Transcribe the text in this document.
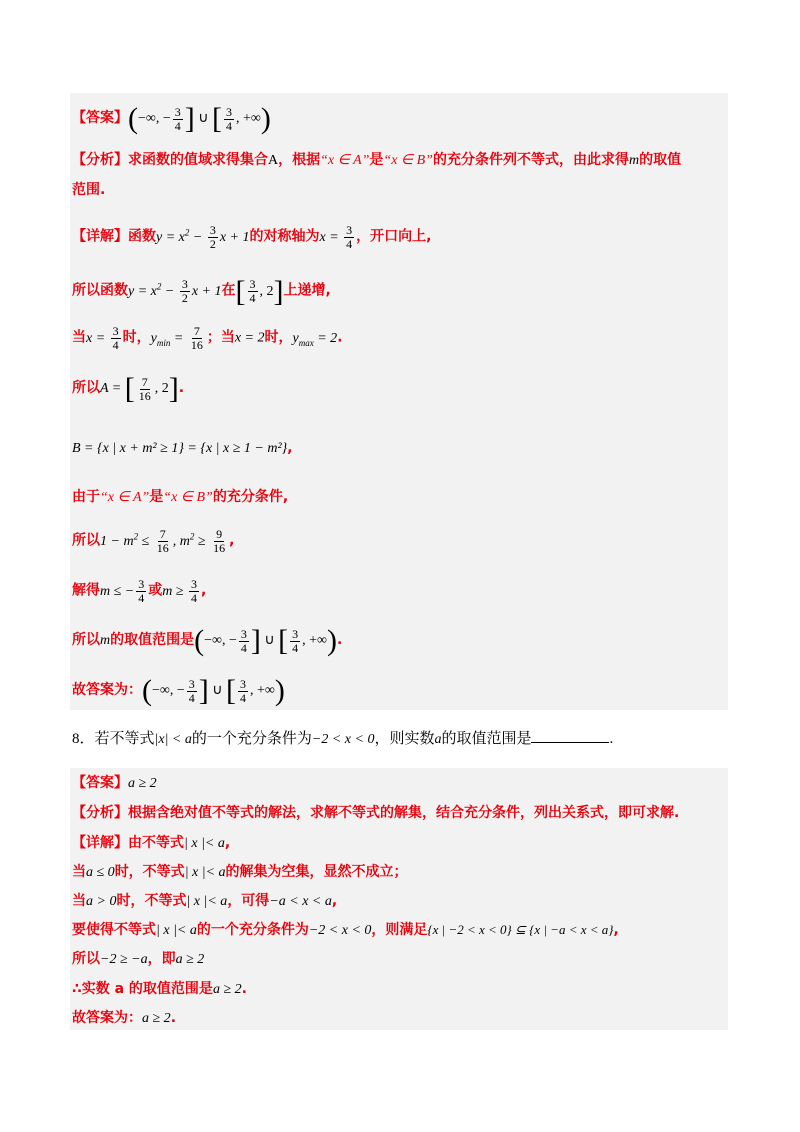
【答案】(−∞, − $\frac{3}{4}$ ] ∪ [ $\frac{3}{4}$ , +∞)
【分析】求函数的值域求得集合A，根据“x ∈ A”是“x ∈ B”的充分条件列不等式，由此求得m的取值
范围.
【详解】函数$y = x^2 - \frac{3}{2}$ x + 1的对称轴为$x = \frac{3}{4}$ ，开口向上,
所以函数$y = x^2 - \frac{3}{2}$ x + 1在[ $\frac{3}{4}$ , 2]上递增,
当$x = \frac{3}{4}$ 时，$y_{min} = \frac{7}{16}$ ；当x = 2时，$y_{max} = 2$.
所以A = [ $\frac{7}{16}$ , 2].
B = {x | x + m² ≥ 1} = {x | x ≥ 1 − m²},
由于“x ∈ A”是“x ∈ B”的充分条件,
所以$1 - m^2 \le \frac{7}{16}$ , $m^2 \ge \frac{9}{16}$ ,
解得m ≤ − $\frac{3}{4}$ 或$m \ge \frac{3}{4}$ ,
所以m的取值范围是(−∞, − $\frac{3}{4}$ ] ∪ [ $\frac{3}{4}$ , +∞).
故答案为：(−∞, − $\frac{3}{4}$ ] ∪ [ $\frac{3}{4}$ , +∞)
8．若不等式|x| < a的一个充分条件为−2 < x < 0，则实数a的取值范围是	.
【答案】a ≥ 2
【分析】根据含绝对值不等式的解法，求解不等式的解集，结合充分条件，列出关系式，即可求解.
【详解】由不等式| x |< a,
当a ≤ 0时，不等式| x |< a的解集为空集，显然不成立；
当a > 0时，不等式| x |< a，可得−a < x < a,
要使得不等式| x |< a的一个充分条件为−2 < x < 0，则满足{x | −2 < x < 0} ⊆ {x | −a < x < a},
所以−2 ≥ −a，即a ≥ 2
∴实数 a 的取值范围是a ≥ 2.
故答案为：a ≥ 2.
